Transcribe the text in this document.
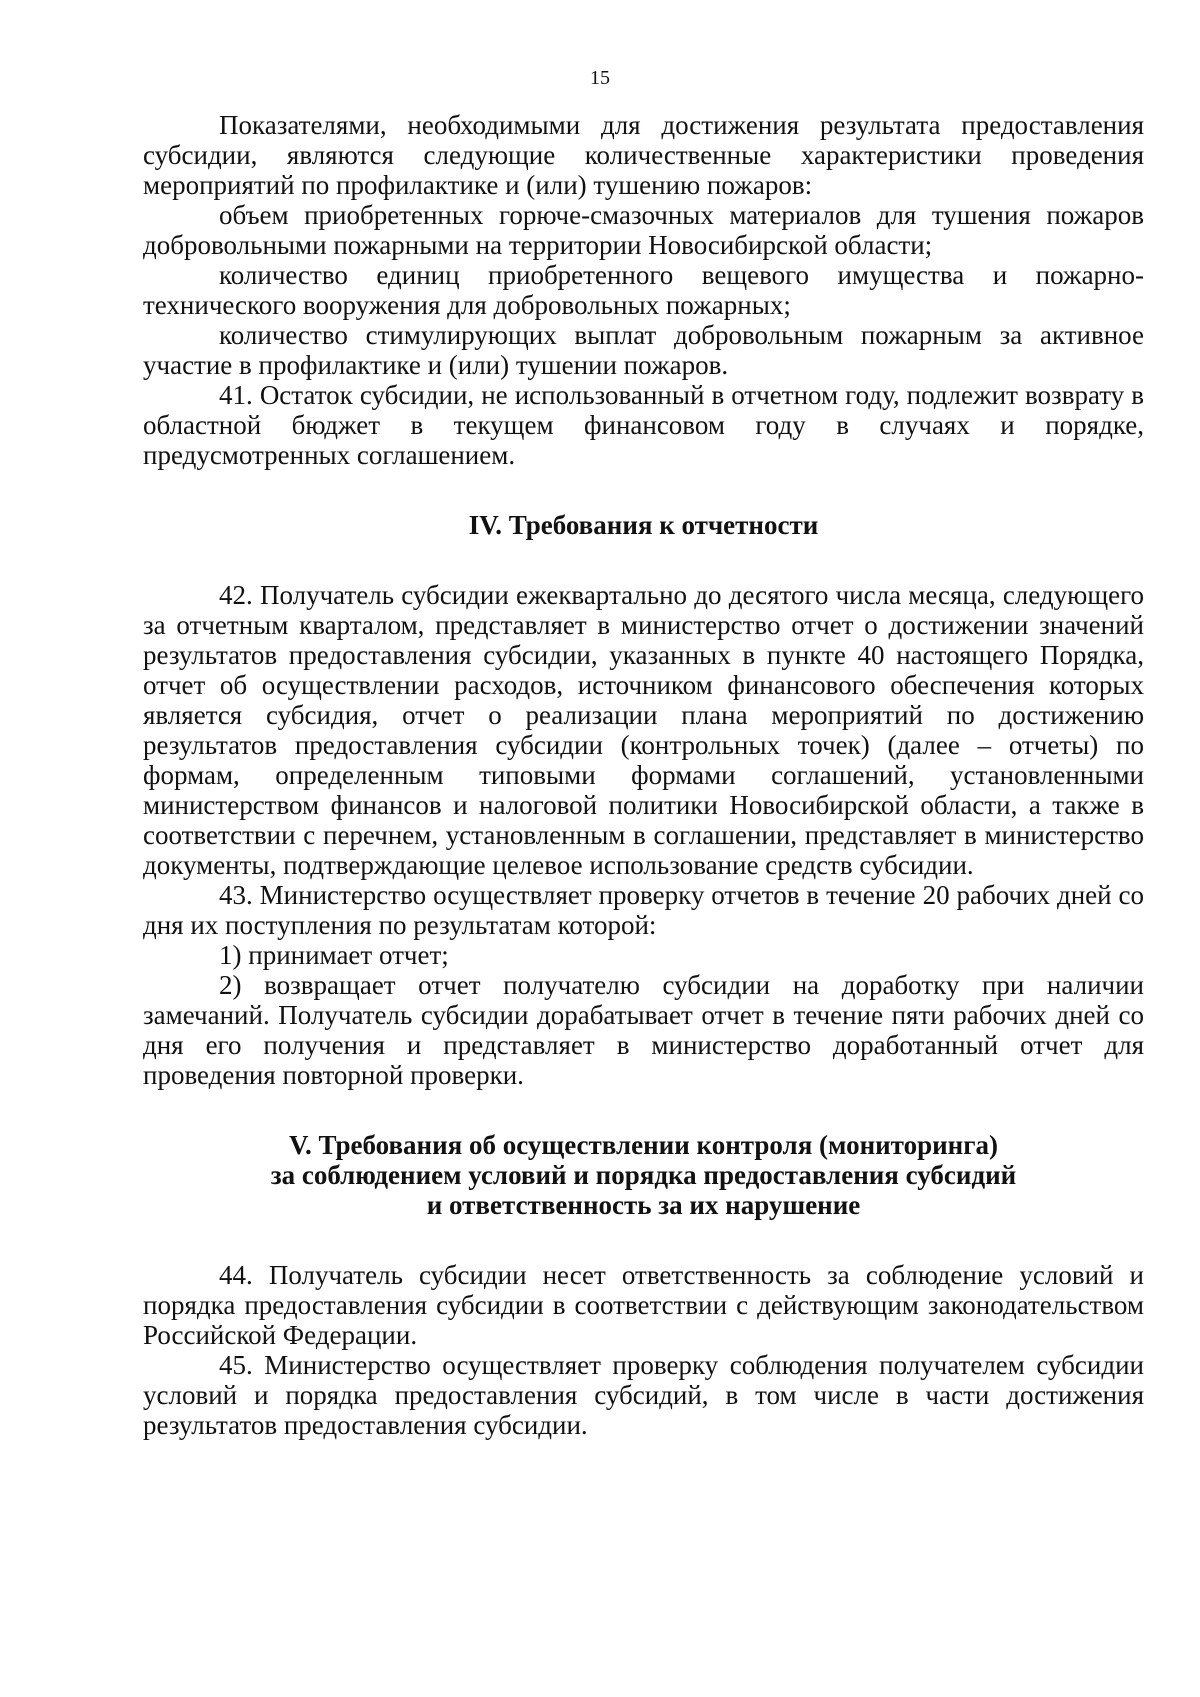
15

Показателями, необходимыми для достижения результата предоставления субсидии, являются следующие количественные характеристики проведения мероприятий по профилактике и (или) тушению пожаров:

объем приобретенных горюче-смазочных материалов для тушения пожаров добровольными пожарными на территории Новосибирской области;

количество единиц приобретенного вещевого имущества и пожарно-технического вооружения для добровольных пожарных;

количество стимулирующих выплат добровольным пожарным за активное участие в профилактике и (или) тушении пожаров.

41. Остаток субсидии, не использованный в отчетном году, подлежит возврату в областной бюджет в текущем финансовом году в случаях и порядке, предусмотренных соглашением.

IV. Требования к отчетности

42. Получатель субсидии ежеквартально до десятого числа месяца, следующего за отчетным кварталом, представляет в министерство отчет о достижении значений результатов предоставления субсидии, указанных в пункте 40 настоящего Порядка, отчет об осуществлении расходов, источником финансового обеспечения которых является субсидия, отчет о реализации плана мероприятий по достижению результатов предоставления субсидии (контрольных точек) (далее – отчеты) по формам, определенным типовыми формами соглашений, установленными министерством финансов и налоговой политики Новосибирской области, а также в соответствии с перечнем, установленным в соглашении, представляет в министерство документы, подтверждающие целевое использование средств субсидии.

43. Министерство осуществляет проверку отчетов в течение 20 рабочих дней со дня их поступления по результатам которой:

1) принимает отчет;

2) возвращает отчет получателю субсидии на доработку при наличии замечаний. Получатель субсидии дорабатывает отчет в течение пяти рабочих дней со дня его получения и представляет в министерство доработанный отчет для проведения повторной проверки.

V. Требования об осуществлении контроля (мониторинга)
за соблюдением условий и порядка предоставления субсидий
и ответственность за их нарушение

44. Получатель субсидии несет ответственность за соблюдение условий и порядка предоставления субсидии в соответствии с действующим законодательством Российской Федерации.

45. Министерство осуществляет проверку соблюдения получателем субсидии условий и порядка предоставления субсидий, в том числе в части достижения результатов предоставления субсидии.
